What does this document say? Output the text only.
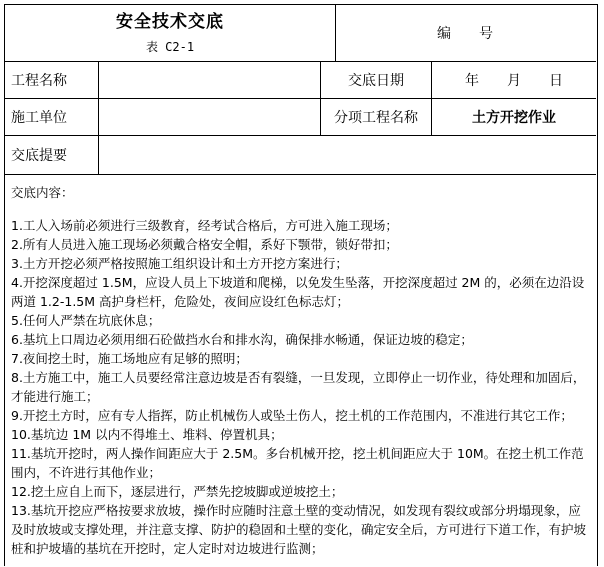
安全技术交底
表 C2-1
编 号
工程名称	交底日期	年 月 日
施工单位	分项工程名称	土方开挖作业
交底提要

交底内容：

1.工人入场前必须进行三级教育，经考试合格后，方可进入施工现场；

2.所有人员进入施工现场必须戴合格安全帽，系好下颚带，锁好带扣；

3.土方开挖必须严格按照施工组织设计和土方开挖方案进行；

4.开挖深度超过 1.5M，应设人员上下坡道和爬梯，以免发生坠落，开挖深度超过 2M 的，必须在边沿设两道 1.2-1.5M 高护身栏杆，危险处，夜间应设红色标志灯；

5.任何人严禁在坑底休息；

6.基坑上口周边必须用细石砼做挡水台和排水沟，确保排水畅通，保证边坡的稳定；

7.夜间挖土时，施工场地应有足够的照明；

8.土方施工中，施工人员要经常注意边坡是否有裂缝，一旦发现，立即停止一切作业，待处理和加固后，才能进行施工；

9.开挖土方时，应有专人指挥，防止机械伤人或坠土伤人，挖土机的工作范围内，不准进行其它工作；

10.基坑边 1M 以内不得堆土、堆料、停置机具；

11.基坑开挖时，两人操作间距应大于 2.5M。多台机械开挖，挖土机间距应大于 10M。在挖土机工作范围内，不许进行其他作业；

12.挖土应自上而下，逐层进行，严禁先挖坡脚或逆坡挖土；

13.基坑开挖应严格按要求放坡，操作时应随时注意土壁的变动情况，如发现有裂纹或部分坍塌现象，应及时放坡或支撑处理，并注意支撑、防护的稳固和土壁的变化，确定安全后，方可进行下道工作，有护坡桩和护坡墙的基坑在开挖时，定人定时对边坡进行监测；
